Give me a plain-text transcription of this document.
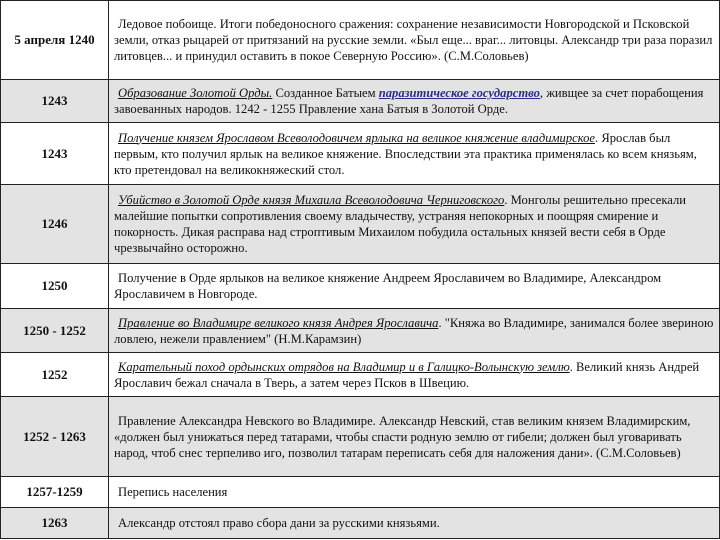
5 апреля 1240	Ледовое побоище. Итоги победоносного сражения: сохранение независимости Новгородской и Псковской земли, отказ рыцарей от притязаний на русские земли. «Был еще... враг... литовцы. Александр три раза поразил литовцев... и принудил оставить в покое Северную Россию». (С.М.Соловьев)
1243	Образование Золотой Орды. Созданное Батыем паразитическое государство, живщее за счет порабощения завоеванных народов. 1242 - 1255 Правление хана Батыя в Золотой Орде.
1243	Получение князем Ярославом Всеволодовичем ярлыка на великое княжение владимирское. Ярослав был первым, кто получил ярлык на великое княжение. Впоследствии эта практика применялась ко всем князьям, кто претендовал на великокняжеский стол.
1246	Убийство в Золотой Орде князя Михаила Всеволодовича Черниговского. Монголы решительно пресекали малейшие попытки сопротивления своему владычеству, устраняя непокорных и поощряя смирение и покорность. Дикая расправа над строптивым Михаилом побудила остальных князей вести себя в Орде чрезвычайно осторожно.
1250	Получение в Орде ярлыков на великое княжение Андреем Ярославичем во Владимире, Александром Ярославичем в Новгороде.
1250 - 1252	Правление во Владимире великого князя Андрея Ярославича. "Княжа во Владимире, занимался более звериною ловлею, нежели правлением" (Н.М.Карамзин)
1252	Карательный поход ордынских отрядов на Владимир и в Галицко-Волынскую землю. Великий князь Андрей Ярославич бежал сначала в Тверь, а затем через Псков в Швецию.
1252 - 1263	Правление Александра Невского во Владимире. Александр Невский, став великим князем Владимирским, «должен был унижаться перед татарами, чтобы спасти родную землю от гибели; должен был уговаривать народ, чтоб снес терпеливо иго, позволил татарам переписать себя для наложения дани». (С.М.Соловьев)
1257-1259	Перепись населения
1263	Александр отстоял право сбора дани за русскими князьями.
